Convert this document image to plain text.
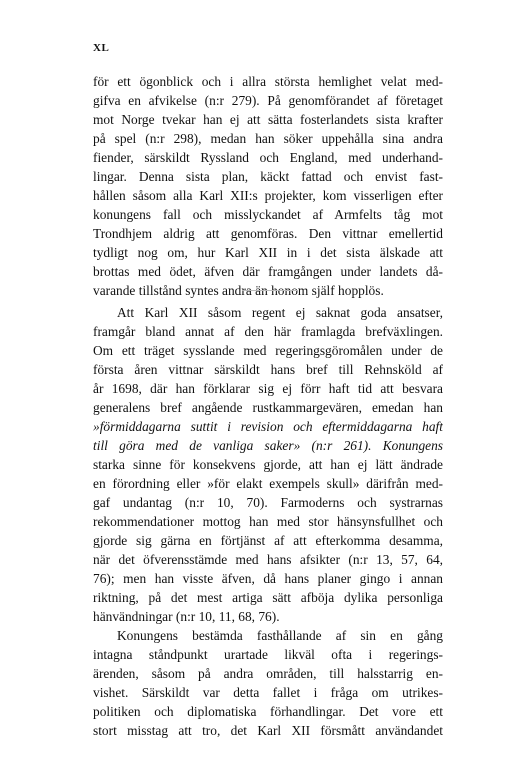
XL
för ett ögonblick och i allra största hemlighet velat med-
gifva en afvikelse (n:r 279). På genomförandet af företaget
mot Norge tvekar han ej att sätta fosterlandets sista krafter
på spel (n:r 298), medan han söker uppehålla sina andra
fiender, särskildt Ryssland och England, med underhand-
lingar. Denna sista plan, käckt fattad och envist fast-
hållen såsom alla Karl XII:s projekter, kom visserligen efter
konungens fall och misslyckandet af Armfelts tåg mot
Trondhjem aldrig att genomföras. Den vittnar emellertid
tydligt nog om, hur Karl XII in i det sista älskade att
brottas med ödet, äfven där framgången under landets då-
varande tillstånd syntes andra än honom själf hopplös.
Att Karl XII såsom regent ej saknat goda ansatser,
framgår bland annat af den här framlagda brefväxlingen.
Om ett träget sysslande med regeringsgöromålen under de
första åren vittnar särskildt hans bref till Rehnsköld af
år 1698, där han förklarar sig ej förr haft tid att besvara
generalens bref angående rustkammargevären, emedan han
»förmiddagarna suttit i revision och eftermiddagarna haft
till göra med de vanliga saker» (n:r 261). Konungens
starka sinne för konsekvens gjorde, att han ej lätt ändrade
en förordning eller »för elakt exempels skull» därifrån med-
gaf undantag (n:r 10, 70). Farmoderns och systrarnas
rekommendationer mottog han med stor hänsynsfullhet och
gjorde sig gärna en förtjänst af att efterkomma desamma,
när det öfverensstämde med hans afsikter (n:r 13, 57, 64,
76); men han visste äfven, då hans planer gingo i annan
riktning, på det mest artiga sätt afböja dylika personliga
hänvändningar (n:r 10, 11, 68, 76).
Konungens bestämda fasthållande af sin en gång
intagna ståndpunkt urartade likväl ofta i regerings-
ärenden, såsom på andra områden, till halsstarrig en-
vishet. Särskildt var detta fallet i fråga om utrikes-
politiken och diplomatiska förhandlingar. Det vore ett
stort misstag att tro, det Karl XII försmått användandet
